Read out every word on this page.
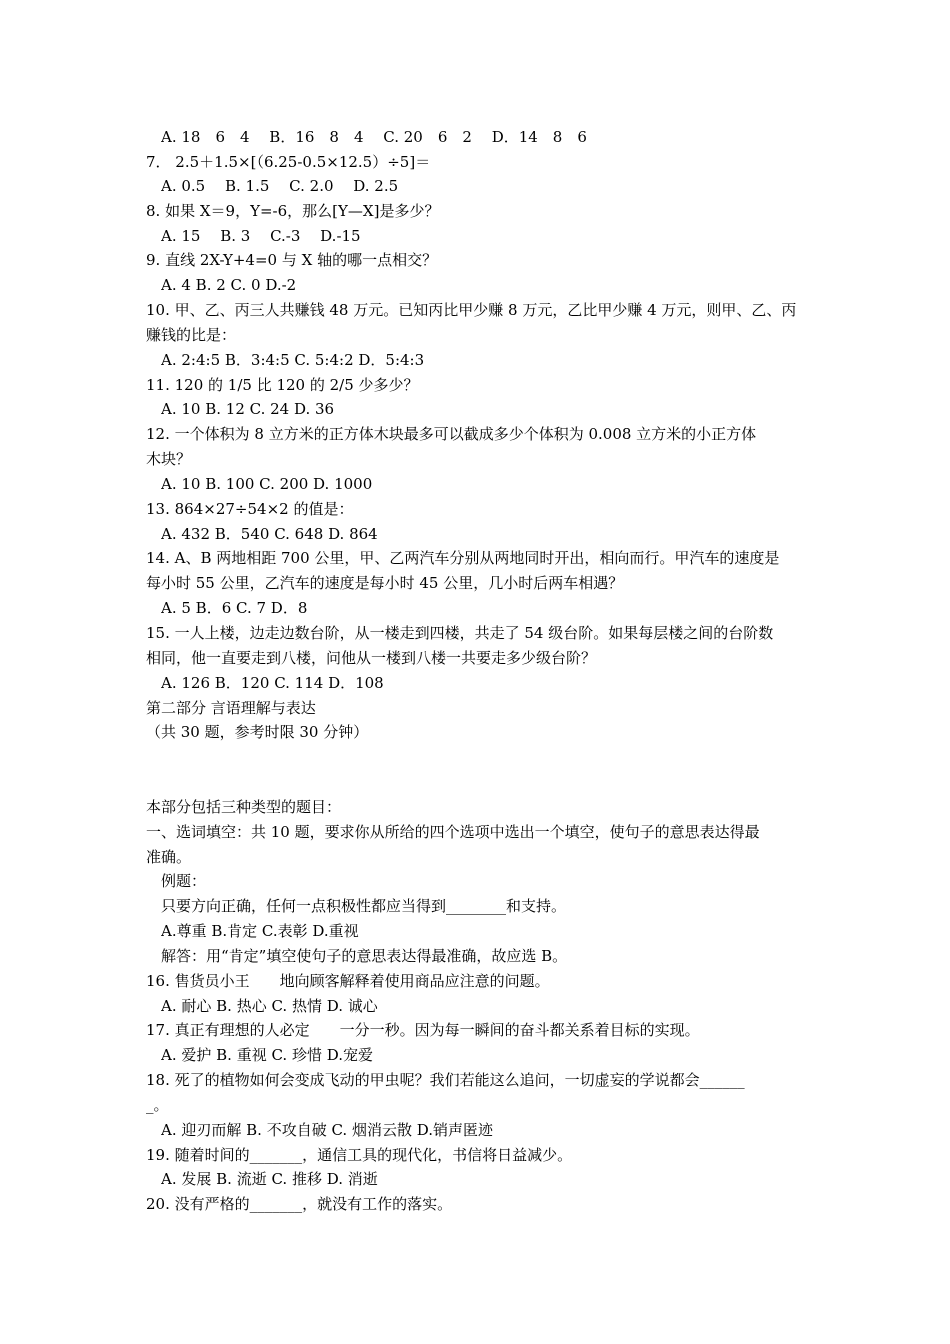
A. 18　6　4　 B．16　8　4　 C. 20　6　2　 D．14　8　6
7． 2.5＋1.5×[（6.25-0.5×12.5）÷5]＝
A. 0.5　 B. 1.5　 C. 2.0　 D. 2.5
8. 如果 X＝9，Y=-6，那么[Y—X]是多少？
A. 15　 B. 3　 C.-3　 D.-15
9. 直线 2X-Y+4=0 与 X 轴的哪一点相交？
A. 4 B. 2 C. 0 D.-2
10. 甲、乙、丙三人共赚钱 48 万元。已知丙比甲少赚 8 万元，乙比甲少赚 4 万元，则甲、乙、丙
赚钱的比是：
A. 2:4:5 B．3:4:5 C. 5:4:2 D．5:4:3
11. 120 的 1/5 比 120 的 2/5 少多少？
A. 10 B. 12 C. 24 D. 36
12. 一个体积为 8 立方米的正方体木块最多可以截成多少个体积为 0.008 立方米的小正方体
木块？
A. 10 B. 100 C. 200 D. 1000
13. 864×27÷54×2 的值是：
A. 432 B．540 C. 648 D. 864
14. A、B 两地相距 700 公里，甲、乙两汽车分别从两地同时开出，相向而行。甲汽车的速度是
每小时 55 公里，乙汽车的速度是每小时 45 公里，几小时后两车相遇？
A. 5 B．6 C. 7 D．8
15. 一人上楼，边走边数台阶，从一楼走到四楼，共走了 54 级台阶。如果每层楼之间的台阶数
相同，他一直要走到八楼，问他从一楼到八楼一共要走多少级台阶？
A. 126 B．120 C. 114 D．108
第二部分 言语理解与表达
（共 30 题，参考时限 30 分钟）
本部分包括三种类型的题目：
一、选词填空：共 10 题，要求你从所给的四个选项中选出一个填空，使句子的意思表达得最
准确。
例题：
只要方向正确，任何一点积极性都应当得到________和支持。
A.尊重 B.肯定 C.表彰 D.重视
解答：用“肯定”填空使句子的意思表达得最准确，故应选 B。
16. 售货员小王　　地向顾客解释着使用商品应注意的问题。
A. 耐心 B. 热心 C. 热情 D. 诚心
17. 真正有理想的人必定　　一分一秒。因为每一瞬间的奋斗都关系着目标的实现。
A. 爱护 B. 重视 C. 珍惜 D.宠爱
18. 死了的植物如何会变成飞动的甲虫呢？我们若能这么追问，一切虚妄的学说都会______
_。
A. 迎刃而解 B. 不攻自破 C. 烟消云散 D.销声匿迹
19. 随着时间的_______，通信工具的现代化，书信将日益减少。
A. 发展 B. 流逝 C. 推移 D. 消逝
20. 没有严格的_______，就没有工作的落实。
